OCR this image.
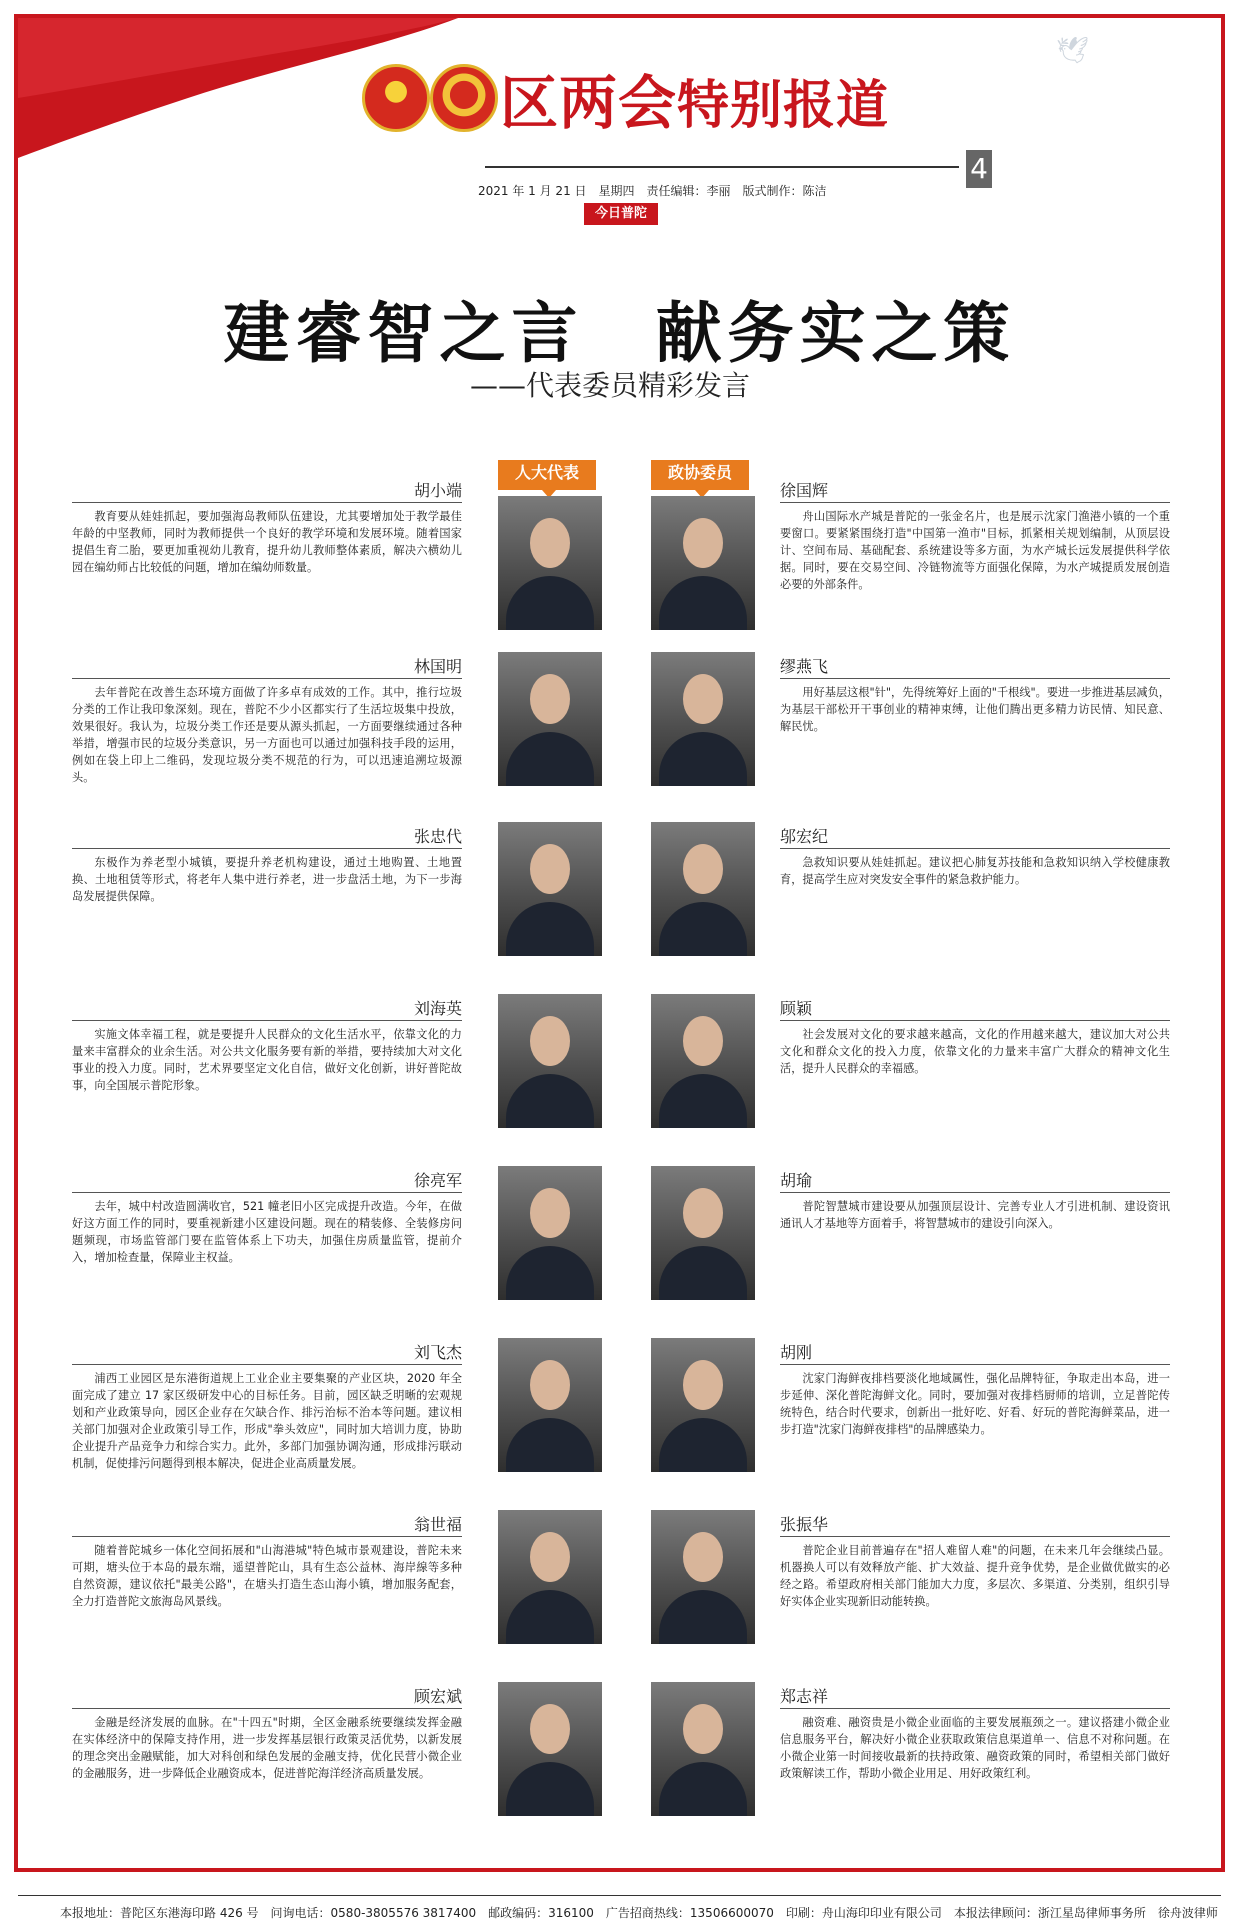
区两会特别报道
🕊
4
2021 年 1 月 21 日　星期四　责任编辑：李丽　版式制作：陈洁
今日普陀
建睿智之言　献务实之策
——代表委员精彩发言
人大代表	政协委员
胡小端
教育要从娃娃抓起，要加强海岛教师队伍建设，尤其要增加处于教学最佳年龄的中坚教师，同时为教师提供一个良好的教学环境和发展环境。随着国家提倡生育二胎，要更加重视幼儿教育，提升幼儿教师整体素质，解决六横幼儿园在编幼师占比较低的问题，增加在编幼师数量。
徐国辉
舟山国际水产城是普陀的一张金名片，也是展示沈家门渔港小镇的一个重要窗口。要紧紧围绕打造"中国第一渔市"目标，抓紧相关规划编制，从顶层设计、空间布局、基础配套、系统建设等多方面，为水产城长远发展提供科学依据。同时，要在交易空间、冷链物流等方面强化保障，为水产城提质发展创造必要的外部条件。
林国明
去年普陀在改善生态环境方面做了许多卓有成效的工作。其中，推行垃圾分类的工作让我印象深刻。现在，普陀不少小区都实行了生活垃圾集中投放，效果很好。我认为，垃圾分类工作还是要从源头抓起，一方面要继续通过各种举措，增强市民的垃圾分类意识，另一方面也可以通过加强科技手段的运用，例如在袋上印上二维码，发现垃圾分类不规范的行为，可以迅速追溯垃圾源头。
缪燕飞
用好基层这根"针"，先得统筹好上面的"千根线"。要进一步推进基层减负，为基层干部松开干事创业的精神束缚，让他们腾出更多精力访民情、知民意、解民忧。
张忠代
东极作为养老型小城镇，要提升养老机构建设，通过土地购置、土地置换、土地租赁等形式，将老年人集中进行养老，进一步盘活土地，为下一步海岛发展提供保障。
邬宏纪
急救知识要从娃娃抓起。建议把心肺复苏技能和急救知识纳入学校健康教育，提高学生应对突发安全事件的紧急救护能力。
刘海英
实施文体幸福工程，就是要提升人民群众的文化生活水平，依靠文化的力量来丰富群众的业余生活。对公共文化服务要有新的举措，要持续加大对文化事业的投入力度。同时，艺术界要坚定文化自信，做好文化创新，讲好普陀故事，向全国展示普陀形象。
顾颖
社会发展对文化的要求越来越高，文化的作用越来越大，建议加大对公共文化和群众文化的投入力度，依靠文化的力量来丰富广大群众的精神文化生活，提升人民群众的幸福感。
徐亮军
去年，城中村改造圆满收官，521 幢老旧小区完成提升改造。今年，在做好这方面工作的同时，要重视新建小区建设问题。现在的精装修、全装修房问题频现，市场监管部门要在监管体系上下功夫，加强住房质量监管，提前介入，增加检查量，保障业主权益。
胡瑜
普陀智慧城市建设要从加强顶层设计、完善专业人才引进机制、建设资讯通讯人才基地等方面着手，将智慧城市的建设引向深入。
刘飞杰
浦西工业园区是东港街道规上工业企业主要集聚的产业区块，2020 年全面完成了建立 17 家区级研发中心的目标任务。目前，园区缺乏明晰的宏观规划和产业政策导向，园区企业存在欠缺合作、排污治标不治本等问题。建议相关部门加强对企业政策引导工作，形成"拳头效应"，同时加大培训力度，协助企业提升产品竞争力和综合实力。此外，多部门加强协调沟通，形成排污联动机制，促使排污问题得到根本解决，促进企业高质量发展。
胡刚
沈家门海鲜夜排档要淡化地域属性，强化品牌特征，争取走出本岛，进一步延伸、深化普陀海鲜文化。同时，要加强对夜排档厨师的培训，立足普陀传统特色，结合时代要求，创新出一批好吃、好看、好玩的普陀海鲜菜品，进一步打造"沈家门海鲜夜排档"的品牌感染力。
翁世福
随着普陀城乡一体化空间拓展和"山海港城"特色城市景观建设，普陀未来可期，塘头位于本岛的最东端，遥望普陀山，具有生态公益林、海岸線等多种自然资源，建议依托"最美公路"，在塘头打造生态山海小镇，增加服务配套，全力打造普陀文旅海岛风景线。
张振华
普陀企业目前普遍存在"招人难留人难"的问题，在未来几年会继续凸显。机器换人可以有效释放产能、扩大效益、提升竞争优势，是企业做优做实的必经之路。希望政府相关部门能加大力度，多层次、多渠道、分类别，组织引导好实体企业实现新旧动能转换。
顾宏斌
金融是经济发展的血脉。在"十四五"时期，全区金融系统要继续发挥金融在实体经济中的保障支持作用，进一步发挥基层银行政策灵活优势，以新发展的理念突出金融赋能，加大对科创和绿色发展的金融支持，优化民营小微企业的金融服务，进一步降低企业融资成本，促进普陀海洋经济高质量发展。
郑志祥
融资难、融资贵是小微企业面临的主要发展瓶颈之一。建议搭建小微企业信息服务平台，解决好小微企业获取政策信息渠道单一、信息不对称问题。在小微企业第一时间接收最新的扶持政策、融资政策的同时，希望相关部门做好政策解读工作，帮助小微企业用足、用好政策红利。
本报地址：普陀区东港海印路 426 号　问询电话：0580-3805576 3817400　邮政编码：316100　广告招商热线：13506600070　印刷：舟山海印印业有限公司　本报法律顾问：浙江星岛律师事务所　徐舟波律师
